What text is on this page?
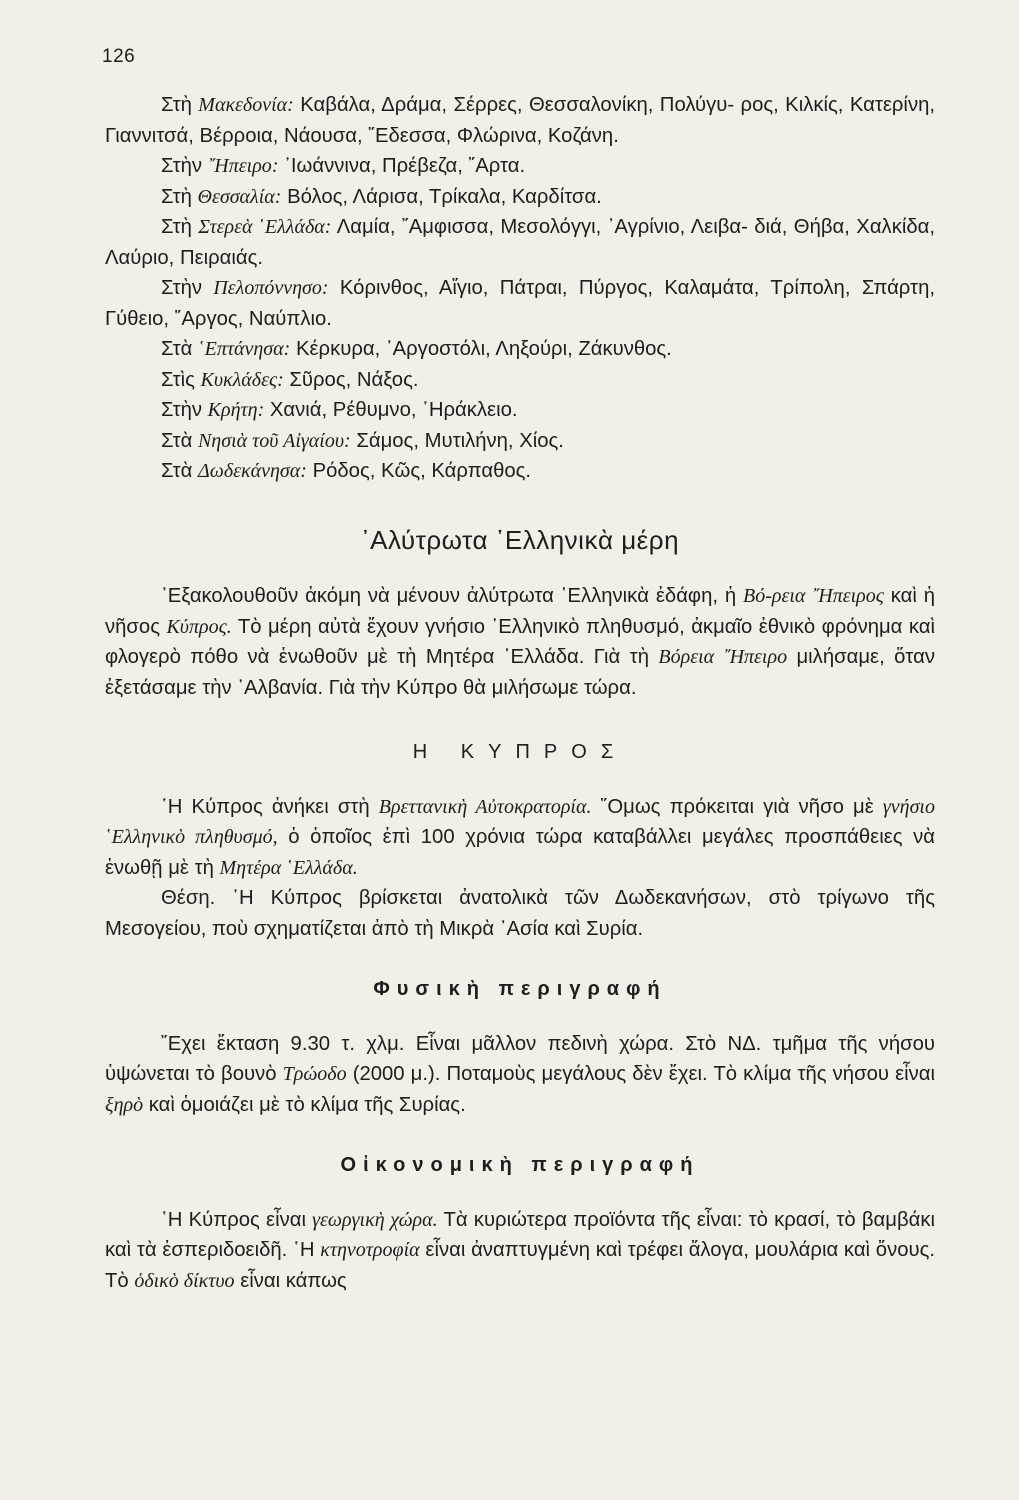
126

Στὴ Μακεδονία: Καβάλα, Δράμα, Σέρρες, Θεσσαλονίκη, Πολύγυ- ρος, Κιλκίς, Κατερίνη, Γιαννιτσά, Βέρροια, Νάουσα, ῎Εδεσσα, Φλώρινα, Κοζάνη.

Στὴν ῎Ηπειρο: ᾿Ιωάννινα, Πρέβεζα, ῎Αρτα.

Στὴ Θεσσαλία: Βόλος, Λάρισα, Τρίκαλα, Καρδίτσα.

Στὴ Στερεὰ ῾Ελλάδα: Λαμία, ῎Αμφισσα, Μεσολόγγι, ᾿Αγρίνιο, Λειβα- διά, Θήβα, Χαλκίδα, Λαύριο, Πειραιάς.

Στὴν Πελοπόννησο: Κόρινθος, Αἴγιο, Πάτραι, Πύργος, Καλαμάτα, Τρίπολη, Σπάρτη, Γύθειο, ῎Αργος, Ναύπλιο.

Στὰ ῾Επτάνησα: Κέρκυρα, ᾿Αργοστόλι, Ληξούρι, Ζάκυνθος.

Στὶς Κυκλάδες: Σῦρος, Νάξος.

Στὴν Κρήτη: Χανιά, Ρέθυμνο, ῾Ηράκλειο.

Στὰ Νησιὰ τοῦ Αἰγαίου: Σάμος, Μυτιλήνη, Χίος.

Στὰ Δωδεκάνησα: Ρόδος, Κῶς, Κάρπαθος.

᾿Αλύτρωτα ῾Ελληνικὰ μέρη

᾿Εξακολουθοῦν ἀκόμη νὰ μένουν ἀλύτρωτα ῾Ελληνικὰ ἐδάφη, ἡ Βό-ρεια ῎Ηπειρος καὶ ἡ νῆσος Κύπρος. Τὸ μέρη αὐτὰ ἔχουν γνήσιο ῾Ελληνικὸ πληθυσμό, ἀκμαῖο ἐθνικὸ φρόνημα καὶ φλογερὸ πόθο νὰ ἑνωθοῦν μὲ τὴ Μητέρα ῾Ελλάδα. Γιὰ τὴ Βόρεια ῎Ηπειρο μιλήσαμε, ὅταν ἐξετάσαμε τὴν ᾿Αλβανία. Γιὰ τὴν Κύπρο θὰ μιλήσωμε τώρα.

Η ΚΥΠΡΟΣ

῾Η Κύπρος ἀνήκει στὴ Βρεττανικὴ Αὐτοκρατορία. ῞Ομως πρόκειται γιὰ νῆσο μὲ γνήσιο ῾Ελληνικὸ πληθυσμό, ὁ ὁποῖος ἐπὶ 100 χρόνια τώρα καταβάλλει μεγάλες προσπάθειες νὰ ἑνωθῇ μὲ τὴ Μητέρα ῾Ελλάδα.

Θέση. ῾Η Κύπρος βρίσκεται ἀνατολικὰ τῶν Δωδεκανήσων, στὸ τρίγωνο τῆς Μεσογείου, ποὺ σχηματίζεται ἀπὸ τὴ Μικρὰ ᾿Ασία καὶ Συρία.

Φυσικὴ περιγραφή

῎Εχει ἔκταση 9.30 τ. χλμ. Εἶναι μᾶλλον πεδινὴ χώρα. Στὸ ΝΔ. τμῆμα τῆς νήσου ὑψώνεται τὸ βουνὸ Τρώοδο (2000 μ.). Ποταμοὺς μεγάλους δὲν ἔχει. Τὸ κλίμα τῆς νήσου εἶναι ξηρὸ καὶ ὁμοιάζει μὲ τὸ κλίμα τῆς Συρίας.

Οἰκονομικὴ περιγραφή

῾Η Κύπρος εἶναι γεωργικὴ χώρα. Τὰ κυριώτερα προϊόντα τῆς εἶναι: τὸ κρασί, τὸ βαμβάκι καὶ τὰ ἐσπεριδοειδῆ. ῾Η κτηνοτροφία εἶναι ἀναπτυγμένη καὶ τρέφει ἄλογα, μουλάρια καὶ ὄνους. Τὸ ὁδικὸ δίκτυο εἶναι κάπως
